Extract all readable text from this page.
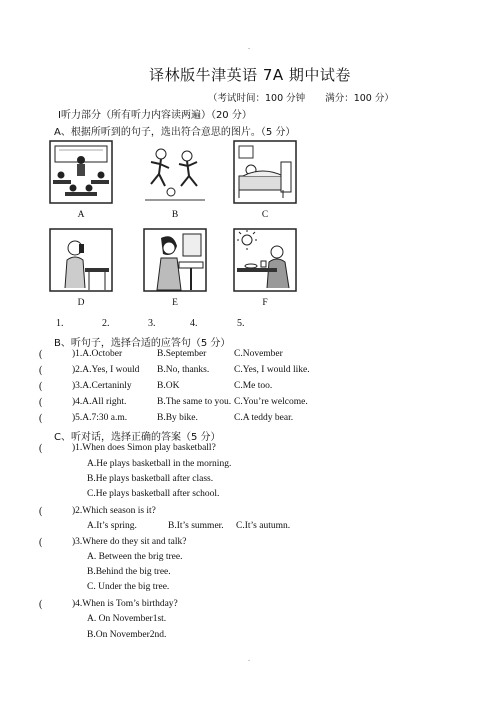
.
译林版牛津英语 7A 期中试卷
（考试时间：100 分钟 满分：100 分）
Ⅰ听力部分（所有听力内容读两遍）（20 分）
A、根据所听到的句子，选出符合意思的图片。（5 分）
A	B	C
D	E	F
1.	2.	3.	4.	5.
B、听句子，选择合适的应答句（5 分）
(	)1.A.October	B.September	C.November
(	)2.A.Yes, I would B.No, thanks.	C.Yes, I would like.
(	)3.A.Certaninly	B.OK	C.Me too.
(	)4.A.All right.	B.The same to you. C.You’re welcome.
(	)5.A.7:30 a.m.	B.By bike.	C.A teddy bear.
C、听对话，选择正确的答案（5 分）
(	)1.When does Simon play basketball?
A.He plays basketball in the morning.
B.He plays basketball after class.
C.He plays basketball after school.
(	)2.Which season is it?
A.It’s spring.	B.It’s summer. C.It’s autumn.
(	)3.Where do they sit and talk?
A. Between the brig tree.
B.Behind the big tree.
C. Under the big tree.
(	)4.When is Tom’s birthday?
A. On November1st.
B.On November2nd.
.
